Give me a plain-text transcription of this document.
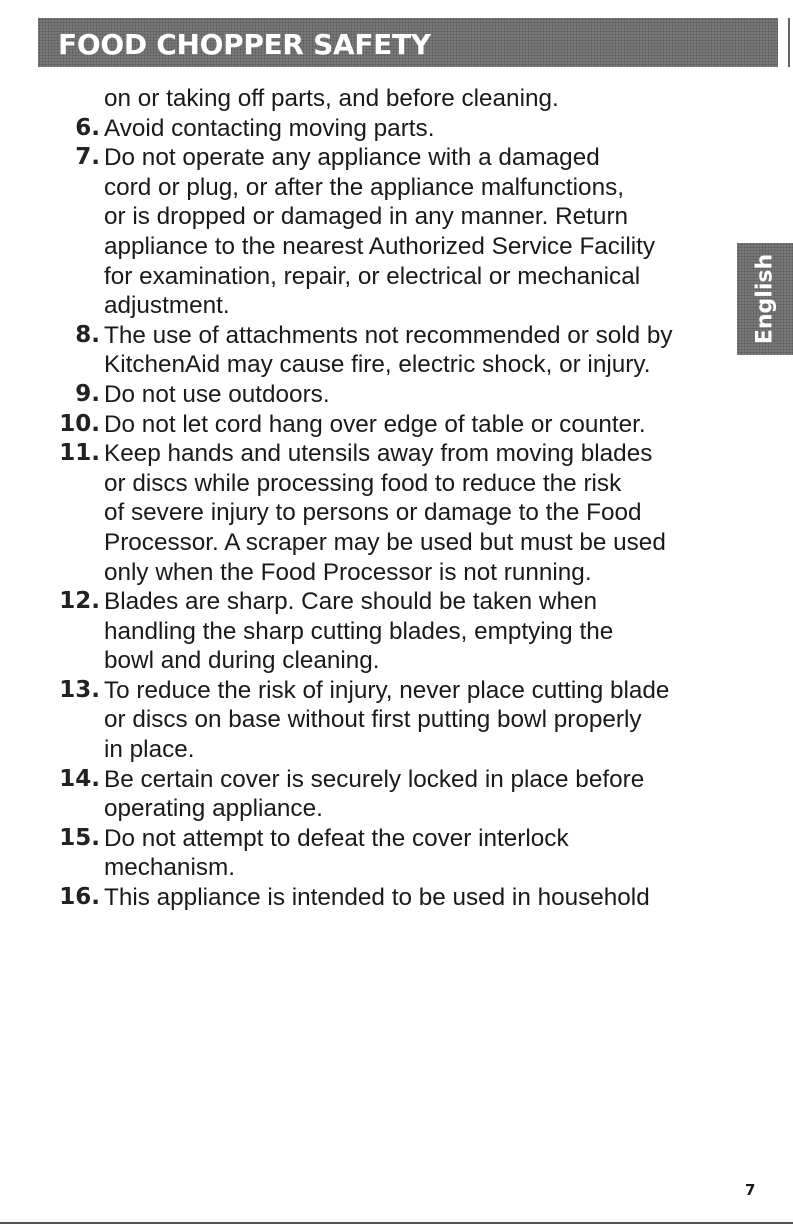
FOOD CHOPPER SAFETY
English
on or taking off parts, and before cleaning.
6. Avoid contacting moving parts.
7. Do not operate any appliance with a damaged
cord or plug, or after the appliance malfunctions,
or is dropped or damaged in any manner. Return
appliance to the nearest Authorized Service Facility
for examination, repair, or electrical or mechanical
adjustment.
8. The use of attachments not recommended or sold by
KitchenAid may cause fire, electric shock, or injury.
9. Do not use outdoors.
10. Do not let cord hang over edge of table or counter.
11. Keep hands and utensils away from moving blades
or discs while processing food to reduce the risk
of severe injury to persons or damage to the Food
Processor. A scraper may be used but must be used
only when the Food Processor is not running.
12. Blades are sharp. Care should be taken when
handling the sharp cutting blades, emptying the
bowl and during cleaning.
13. To reduce the risk of injury, never place cutting blade
or discs on base without first putting bowl properly
in place.
14. Be certain cover is securely locked in place before
operating appliance.
15. Do not attempt to defeat the cover interlock
mechanism.
16. This appliance is intended to be used in household
7
